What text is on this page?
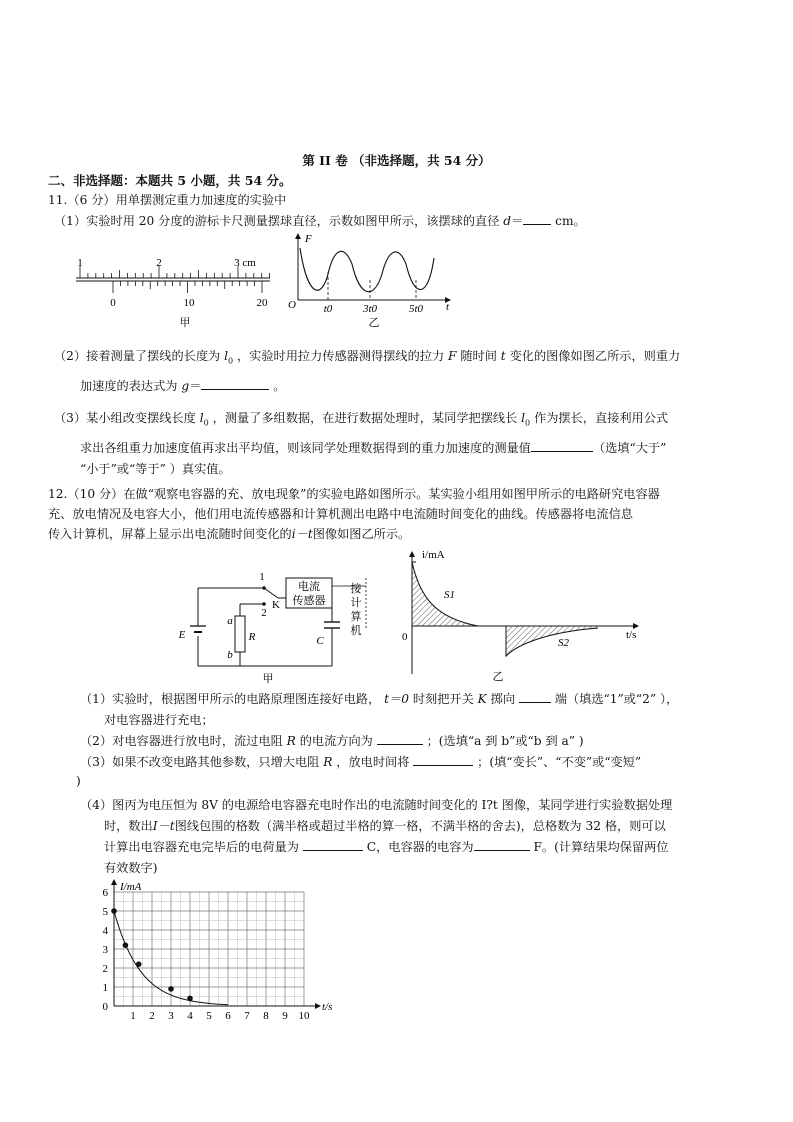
第 II 卷 （非选择题，共 54 分）
二、非选择题：本题共 5 小题，共 54 分。
11.（6 分）用单摆测定重力加速度的实验中
（1）实验时用 20 分度的游标卡尺测量摆球直径，示数如图甲所示，该摆球的直径 d＝	cm。
1	2	3 cm
0	10	20
甲
F
O	t
t0	3t0	5t0
乙
（2）接着测量了摆线的长度为 $l_0$ ，实验时用拉力传感器测得摆线的拉力 F 随时间 t 变化的图像如图乙所示，则重力
加速度的表达式为 g＝	。
（3）某小组改变摆线长度 $l_0$ ，测量了多组数据，在进行数据处理时，某同学把摆线长 $l_0$ 作为摆长，直接利用公式
求出各组重力加速度值再求出平均值，则该同学处理数据得到的重力加速度的测量值	（选填“大于”
“小于”或“等于” ）真实值。
12.（10 分）在做“观察电容器的充、放电现象”的实验电路如图所示。某实验小组用如图甲所示的电路研究电容器
充、放电情况及电容大小，他们用电流传感器和计算机测出电路中电流随时间变化的曲线。传感器将电流信息
传入计算机，屏幕上显示出电流随时间变化的i－t图像如图乙所示。
电流
传感器
接
计
算
机
1
2
K
E
a
b
R	C
甲
i/mA
t/s
0
S1
S2
乙
（1）实验时，根据图甲所示的电路原理图连接好电路， t＝0 时刻把开关 K 掷向	端（填选“1”或“2” ），
对电容器进行充电；
（2）对电容器进行放电时，流过电阻 R 的电流方向为	；(选填“a 到 b”或“b 到 a” )
（3）如果不改变电路其他参数，只增大电阻 R ，放电时间将	；(填“变长”、“不变”或“变短”
)
（4）图丙为电压恒为 8V 的电源给电容器充电时作出的电流随时间变化的 I?t 图像，某同学进行实验数据处理
时，数出I－t图线包围的格数（满半格或超过半格的算一格，不满半格的舍去)，总格数为 32 格，则可以
计算出电容器充电完毕后的电荷量为	C，电容器的电容为	F。(计算结果均保留两位
有效数字)
1 2 3 4 5 6 7 8 9 10
0
1
2
3
4
5
6 I/mA
t/s
